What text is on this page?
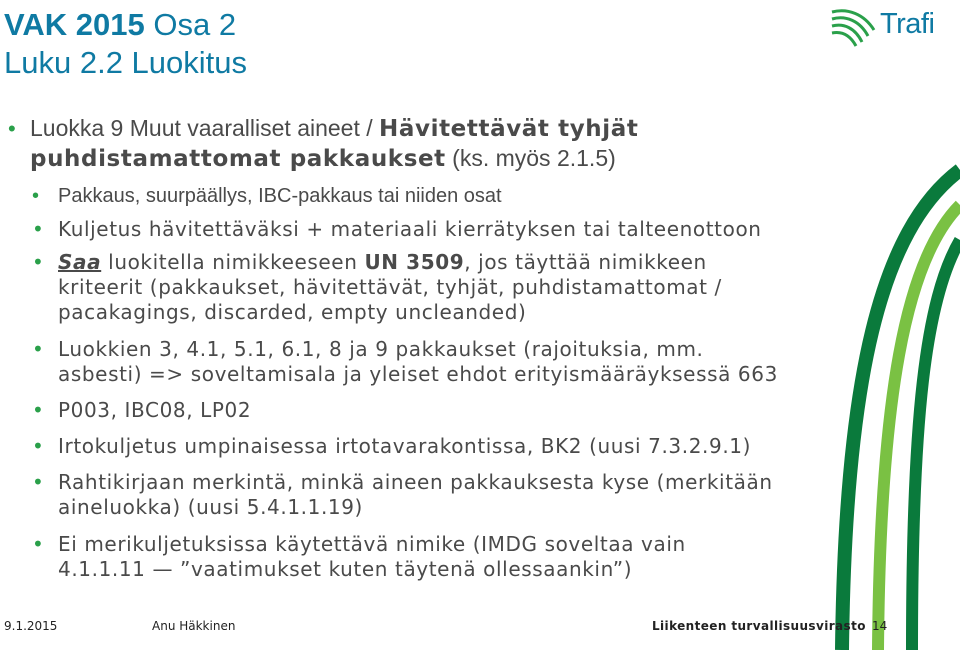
VAK 2015 Osa 2
Luku 2.2 Luokitus
Trafi
• Luokka 9 Muut vaaralliset aineet / Hävitettävät tyhjät
puhdistamattomat pakkaukset (ks. myös 2.1.5)
• Pakkaus, suurpäällys, IBC-pakkaus tai niiden osat
• Kuljetus hävitettäväksi + materiaali kierrätyksen tai talteenottoon
• Saa luokitella nimikkeeseen UN 3509, jos täyttää nimikkeen
kriteerit (pakkaukset, hävitettävät, tyhjät, puhdistamattomat /
pacakagings, discarded, empty uncleanded)
• Luokkien 3, 4.1, 5.1, 6.1, 8 ja 9 pakkaukset (rajoituksia, mm.
asbesti) => soveltamisala ja yleiset ehdot erityismääräyksessä 663
• P003, IBC08, LP02
• Irtokuljetus umpinaisessa irtotavarakontissa, BK2 (uusi 7.3.2.9.1)
• Rahtikirjaan merkintä, minkä aineen pakkauksesta kyse (merkitään
aineluokka) (uusi 5.4.1.1.19)
• Ei merikuljetuksissa käytettävä nimike (IMDG soveltaa vain
4.1.1.11 — ”vaatimukset kuten täytenä ollessaankin”)
9.1.2015	Anu Häkkinen	Liikenteen turvallisuusvirasto 14
